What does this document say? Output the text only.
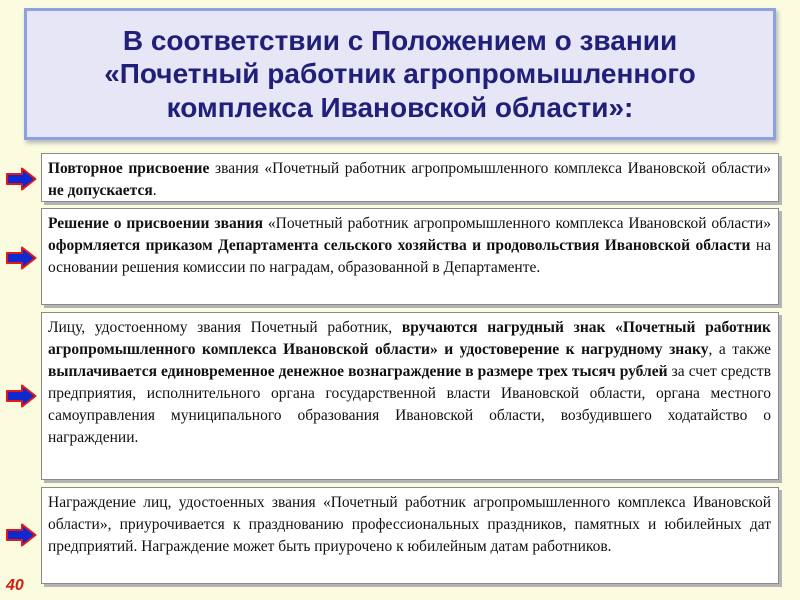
В соответствии с Положением о звании
«Почетный работник агропромышленного
комплекса Ивановской области»:
Повторное присвоение звания «Почетный работник агропромышленного комплекса Ивановской области» не допускается.
Решение о присвоении звания «Почетный работник агропромышленного комплекса Ивановской области» оформляется приказом Департамента сельского хозяйства и продовольствия Ивановской области на основании решения комиссии по наградам, образованной в Департаменте.
Лицу, удостоенному звания Почетный работник, вручаются нагрудный знак «Почетный работник агропромышленного комплекса Ивановской области» и удостоверение к нагрудному знаку, а также выплачивается единовременное денежное вознаграждение в размере трех тысяч рублей за счет средств предприятия, исполнительного органа государственной власти Ивановской области, органа местного самоуправления муниципального образования Ивановской области, возбудившего ходатайство о награждении.
Награждение лиц, удостоенных звания «Почетный работник агропромышленного комплекса Ивановской области», приурочивается к празднованию профессиональных праздников, памятных и юбилейных дат предприятий. Награждение может быть приурочено к юбилейным датам работников.
40
